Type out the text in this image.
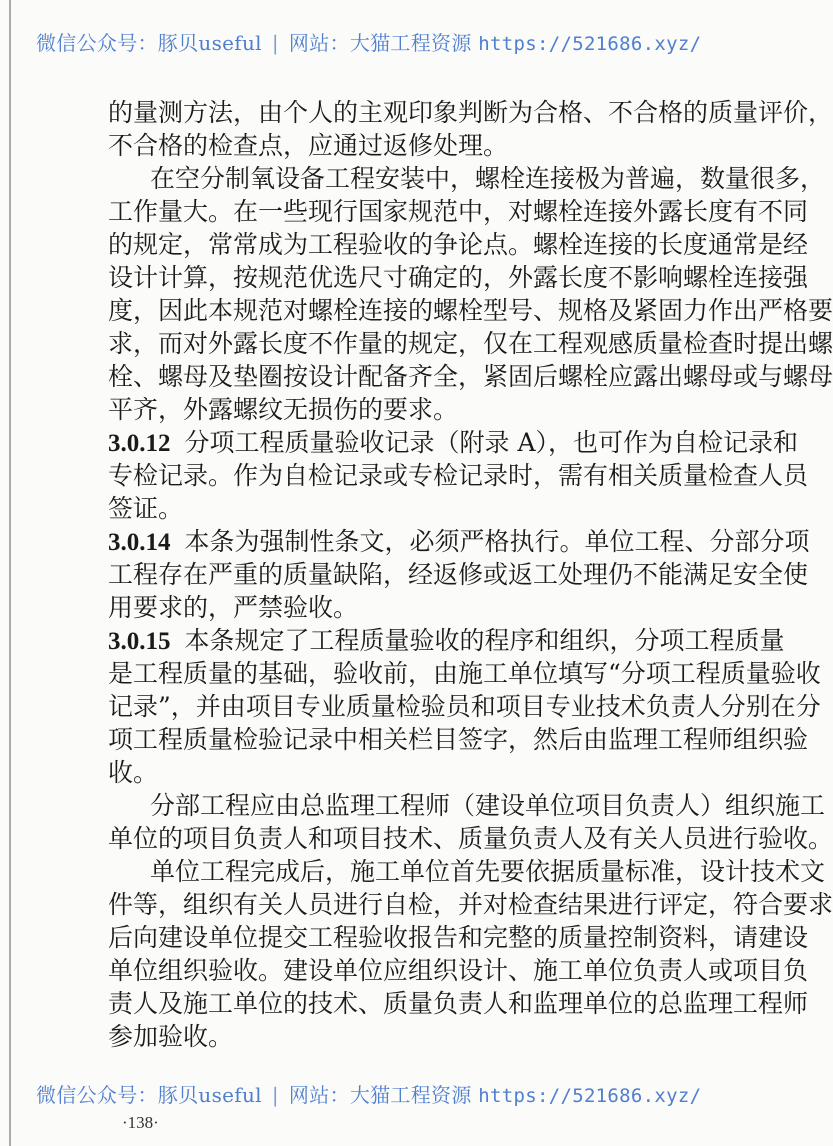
微信公众号：豚贝useful | 网站：大猫工程资源 https://521686.xyz/
的量测方法，由个人的主观印象判断为合格、不合格的质量评价，
不合格的检查点，应通过返修处理。
在空分制氧设备工程安装中，螺栓连接极为普遍，数量很多，
工作量大。在一些现行国家规范中，对螺栓连接外露长度有不同
的规定，常常成为工程验收的争论点。螺栓连接的长度通常是经
设计计算，按规范优选尺寸确定的，外露长度不影响螺栓连接强
度，因此本规范对螺栓连接的螺栓型号、规格及紧固力作出严格要
求，而对外露长度不作量的规定，仅在工程观感质量检查时提出螺
栓、螺母及垫圈按设计配备齐全，紧固后螺栓应露出螺母或与螺母
平齐，外露螺纹无损伤的要求。
3.0.12 分项工程质量验收记录（附录 A），也可作为自检记录和
专检记录。作为自检记录或专检记录时，需有相关质量检查人员
签证。
3.0.14 本条为强制性条文，必须严格执行。单位工程、分部分项
工程存在严重的质量缺陷，经返修或返工处理仍不能满足安全使
用要求的，严禁验收。
3.0.15 本条规定了工程质量验收的程序和组织，分项工程质量
是工程质量的基础，验收前，由施工单位填写“分项工程质量验收
记录”，并由项目专业质量检验员和项目专业技术负责人分别在分
项工程质量检验记录中相关栏目签字，然后由监理工程师组织验
收。
分部工程应由总监理工程师（建设单位项目负责人）组织施工
单位的项目负责人和项目技术、质量负责人及有关人员进行验收。
单位工程完成后，施工单位首先要依据质量标准，设计技术文
件等，组织有关人员进行自检，并对检查结果进行评定，符合要求
后向建设单位提交工程验收报告和完整的质量控制资料，请建设
单位组织验收。建设单位应组织设计、施工单位负责人或项目负
责人及施工单位的技术、质量负责人和监理单位的总监理工程师
参加验收。
微信公众号：豚贝useful | 网站：大猫工程资源 https://521686.xyz/
·138·
